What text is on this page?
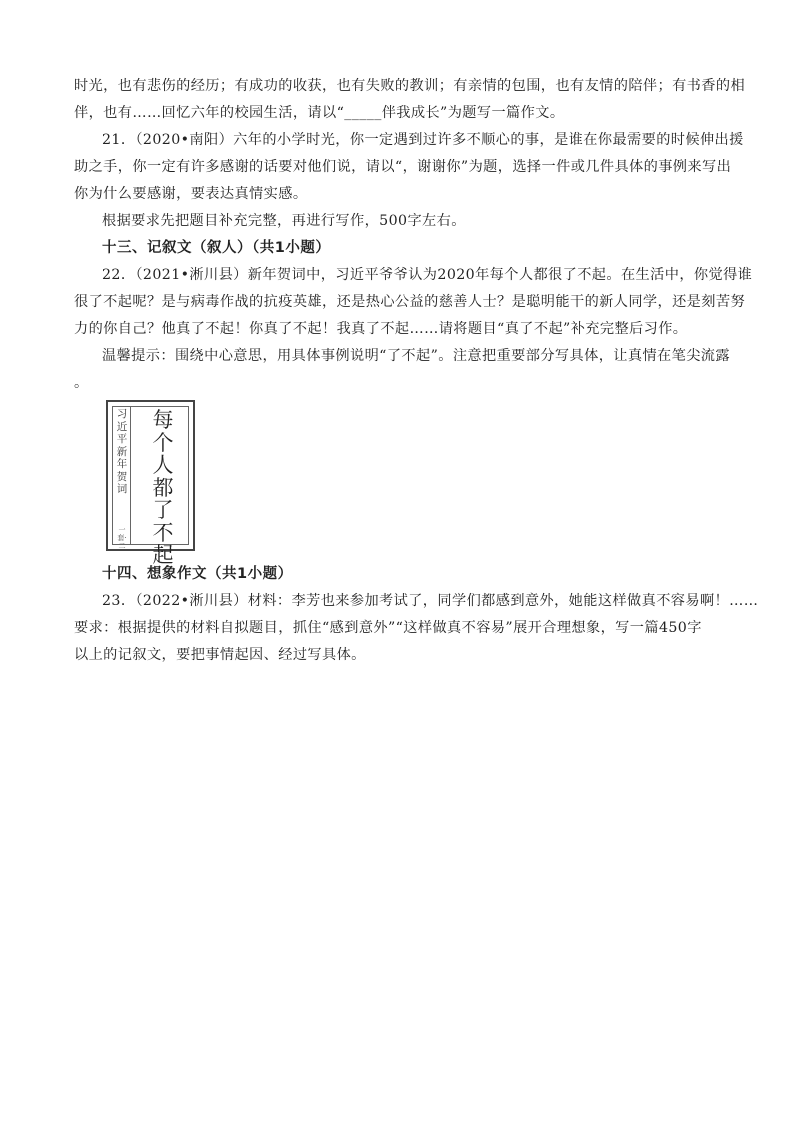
时光，也有悲伤的经历；有成功的收获，也有失败的教训；有亲情的包围，也有友情的陪伴；有书香的相
伴，也有……回忆六年的校园生活，请以“_____伴我成长”为题写一篇作文。
21．（2020•南阳）六年的小学时光，你一定遇到过许多不顺心的事，是谁在你最需要的时候伸出援
助之手，你一定有许多感谢的话要对他们说，请以“，谢谢你”为题，选择一件或几件具体的事例来写出
你为什么要感谢，要表达真情实感。
根据要求先把题目补充完整，再进行写作，500字左右。
十三、记叙文（叙人）（共1小题）
22．（2021•淅川县）新年贺词中，习近平爷爷认为2020年每个人都很了不起。在生活中，你觉得谁
很了不起呢？是与病毒作战的抗疫英雄，还是热心公益的慈善人士？是聪明能干的新人同学，还是刻苦努
力的你自己？他真了不起！你真了不起！我真了不起……请将题目“真了不起”补充完整后习作。
温馨提示：围绕中心意思，用具体事例说明“了不起”。注意把重要部分写具体，让真情在笔尖流露
。
习近平新年贺词
每个人都了不起
一套·二
十四、想象作文（共1小题）
23．（2022•淅川县）材料：李芳也来参加考试了，同学们都感到意外，她能这样做真不容易啊！……
要求：根据提供的材料自拟题目，抓住“感到意外”“这样做真不容易”展开合理想象，写一篇450字
以上的记叙文，要把事情起因、经过写具体。
